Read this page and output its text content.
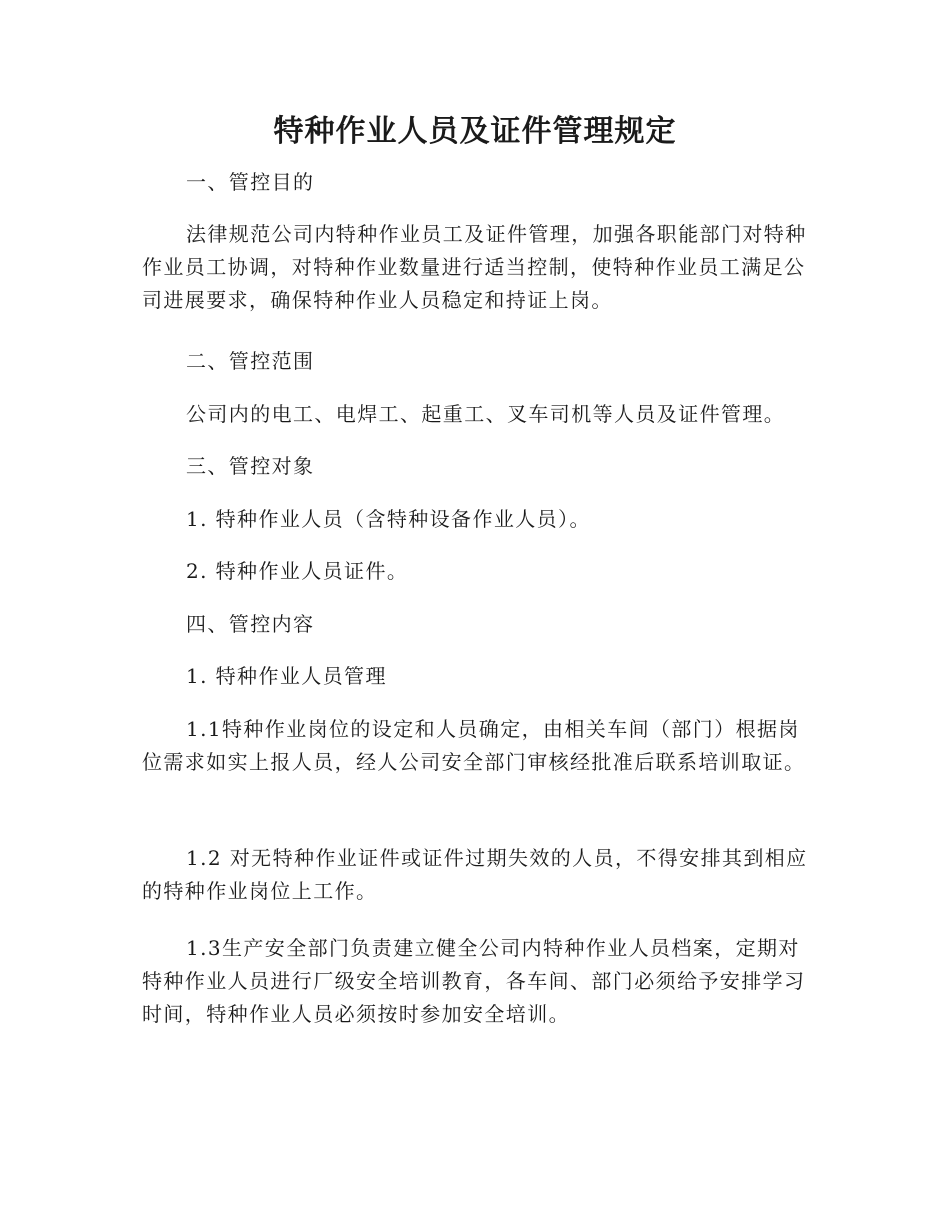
特种作业人员及证件管理规定

一、管控目的

法律规范公司内特种作业员工及证件管理，加强各职能部门对特种作业员工协调，对特种作业数量进行适当控制，使特种作业员工满足公司进展要求，确保特种作业人员稳定和持证上岗。

二、管控范围

公司内的电工、电焊工、起重工、叉车司机等人员及证件管理。

三、管控对象

1. 特种作业人员（含特种设备作业人员）。

2. 特种作业人员证件。

四、管控内容

1. 特种作业人员管理

1.1特种作业岗位的设定和人员确定，由相关车间（部门）根据岗位需求如实上报人员，经人公司安全部门审核经批准后联系培训取证。

1.2 对无特种作业证件或证件过期失效的人员，不得安排其到相应的特种作业岗位上工作。

1.3生产安全部门负责建立健全公司内特种作业人员档案，定期对特种作业人员进行厂级安全培训教育，各车间、部门必须给予安排学习时间，特种作业人员必须按时参加安全培训。
